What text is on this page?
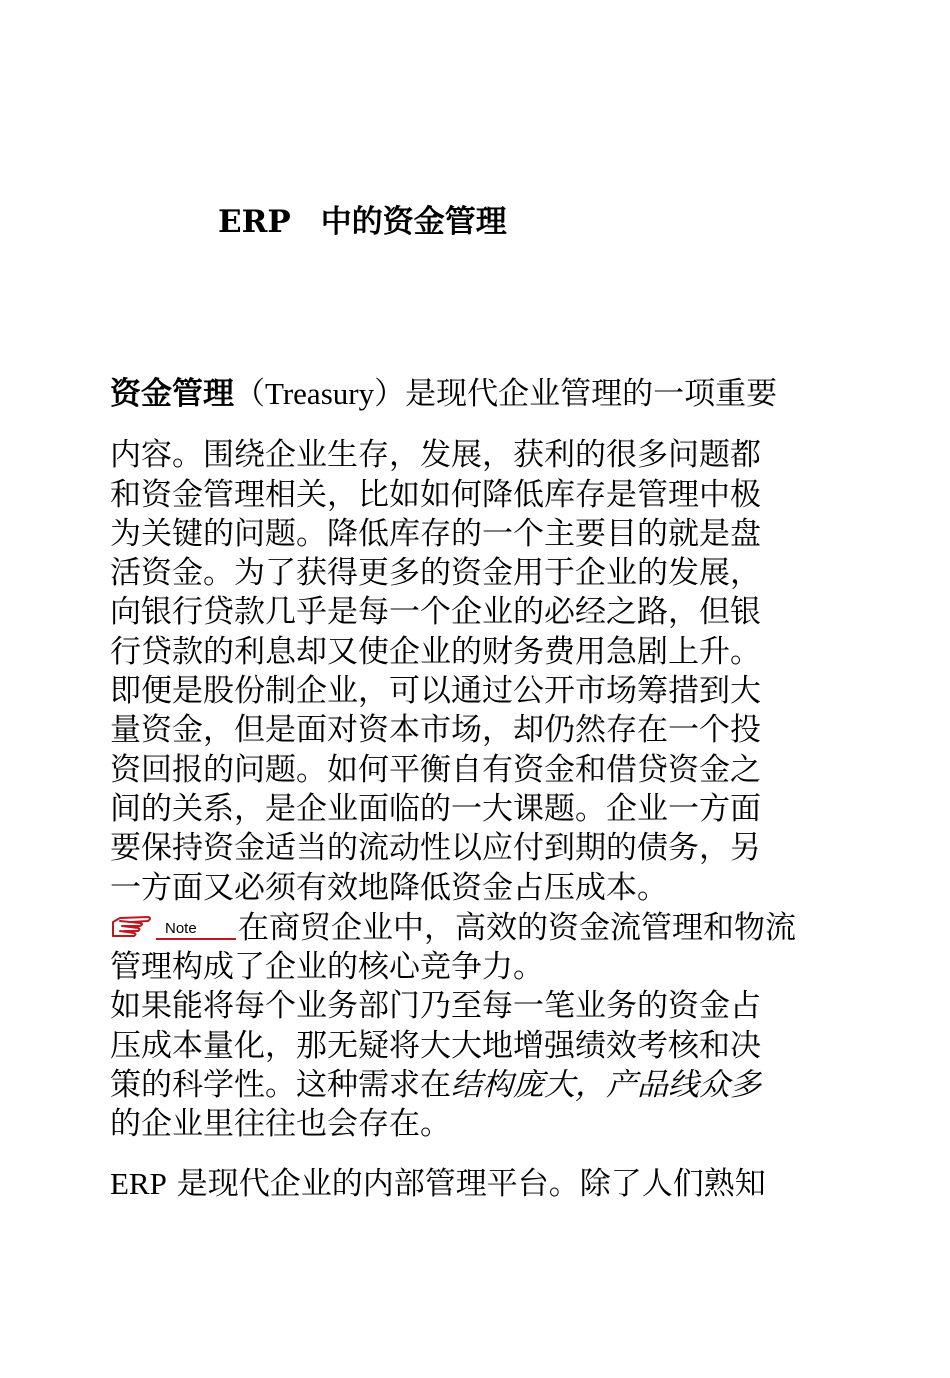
ERP 中的资金管理
资金管理（Treasury）是现代企业管理的一项重要
内容。围绕企业生存，发展，获利的很多问题都
和资金管理相关，比如如何降低库存是管理中极
为关键的问题。降低库存的一个主要目的就是盘
活资金。为了获得更多的资金用于企业的发展，
向银行贷款几乎是每一个企业的必经之路，但银
行贷款的利息却又使企业的财务费用急剧上升。
即便是股份制企业，可以通过公开市场筹措到大
量资金，但是面对资本市场，却仍然存在一个投
资回报的问题。如何平衡自有资金和借贷资金之
间的关系，是企业面临的一大课题。企业一方面
要保持资金适当的流动性以应付到期的债务，另
一方面又必须有效地降低资金占压成本。
Note 在商贸企业中，高效的资金流管理和物流
管理构成了企业的核心竞争力。
如果能将每个业务部门乃至每一笔业务的资金占
压成本量化，那无疑将大大地增强绩效考核和决
策的科学性。这种需求在结构庞大，产品线众多
的企业里往往也会存在。
ERP 是现代企业的内部管理平台。除了人们熟知
